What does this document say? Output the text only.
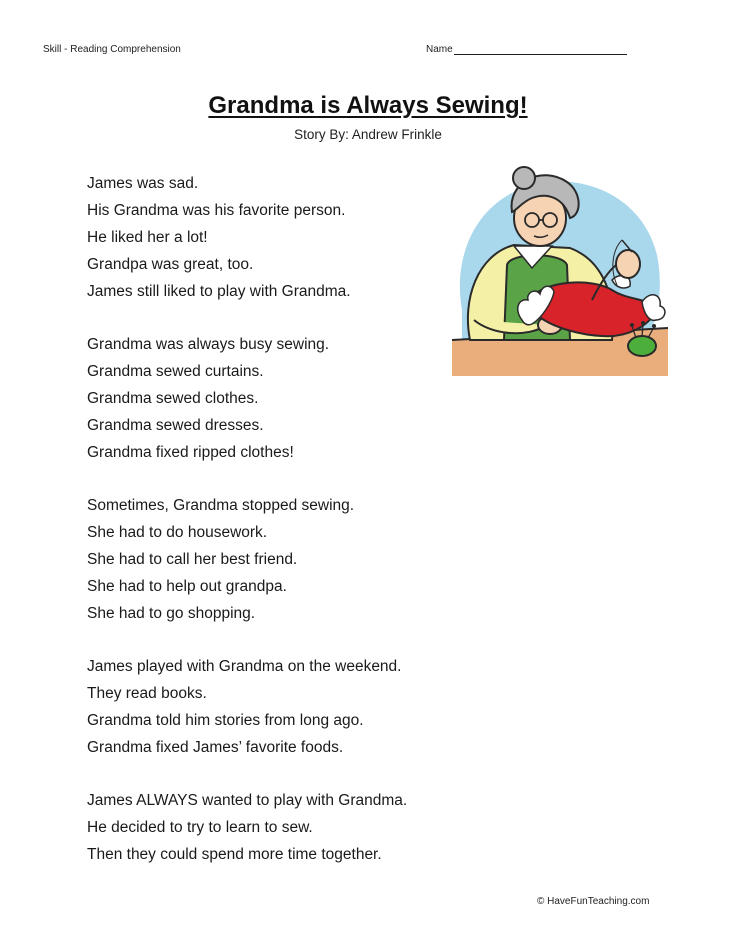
Skill - Reading Comprehension	Name
Grandma is Always Sewing!
Story By: Andrew Frinkle
James was sad.
His Grandma was his favorite person.
He liked her a lot!
Grandpa was great, too.
James still liked to play with Grandma.
Grandma was always busy sewing.
Grandma sewed curtains.
Grandma sewed clothes.
Grandma sewed dresses.
Grandma fixed ripped clothes!
Sometimes, Grandma stopped sewing.
She had to do housework.
She had to call her best friend.
She had to help out grandpa.
She had to go shopping.
James played with Grandma on the weekend.
They read books.
Grandma told him stories from long ago.
Grandma fixed James’ favorite foods.
James ALWAYS wanted to play with Grandma.
He decided to try to learn to sew.
Then they could spend more time together.
© HaveFunTeaching.com
